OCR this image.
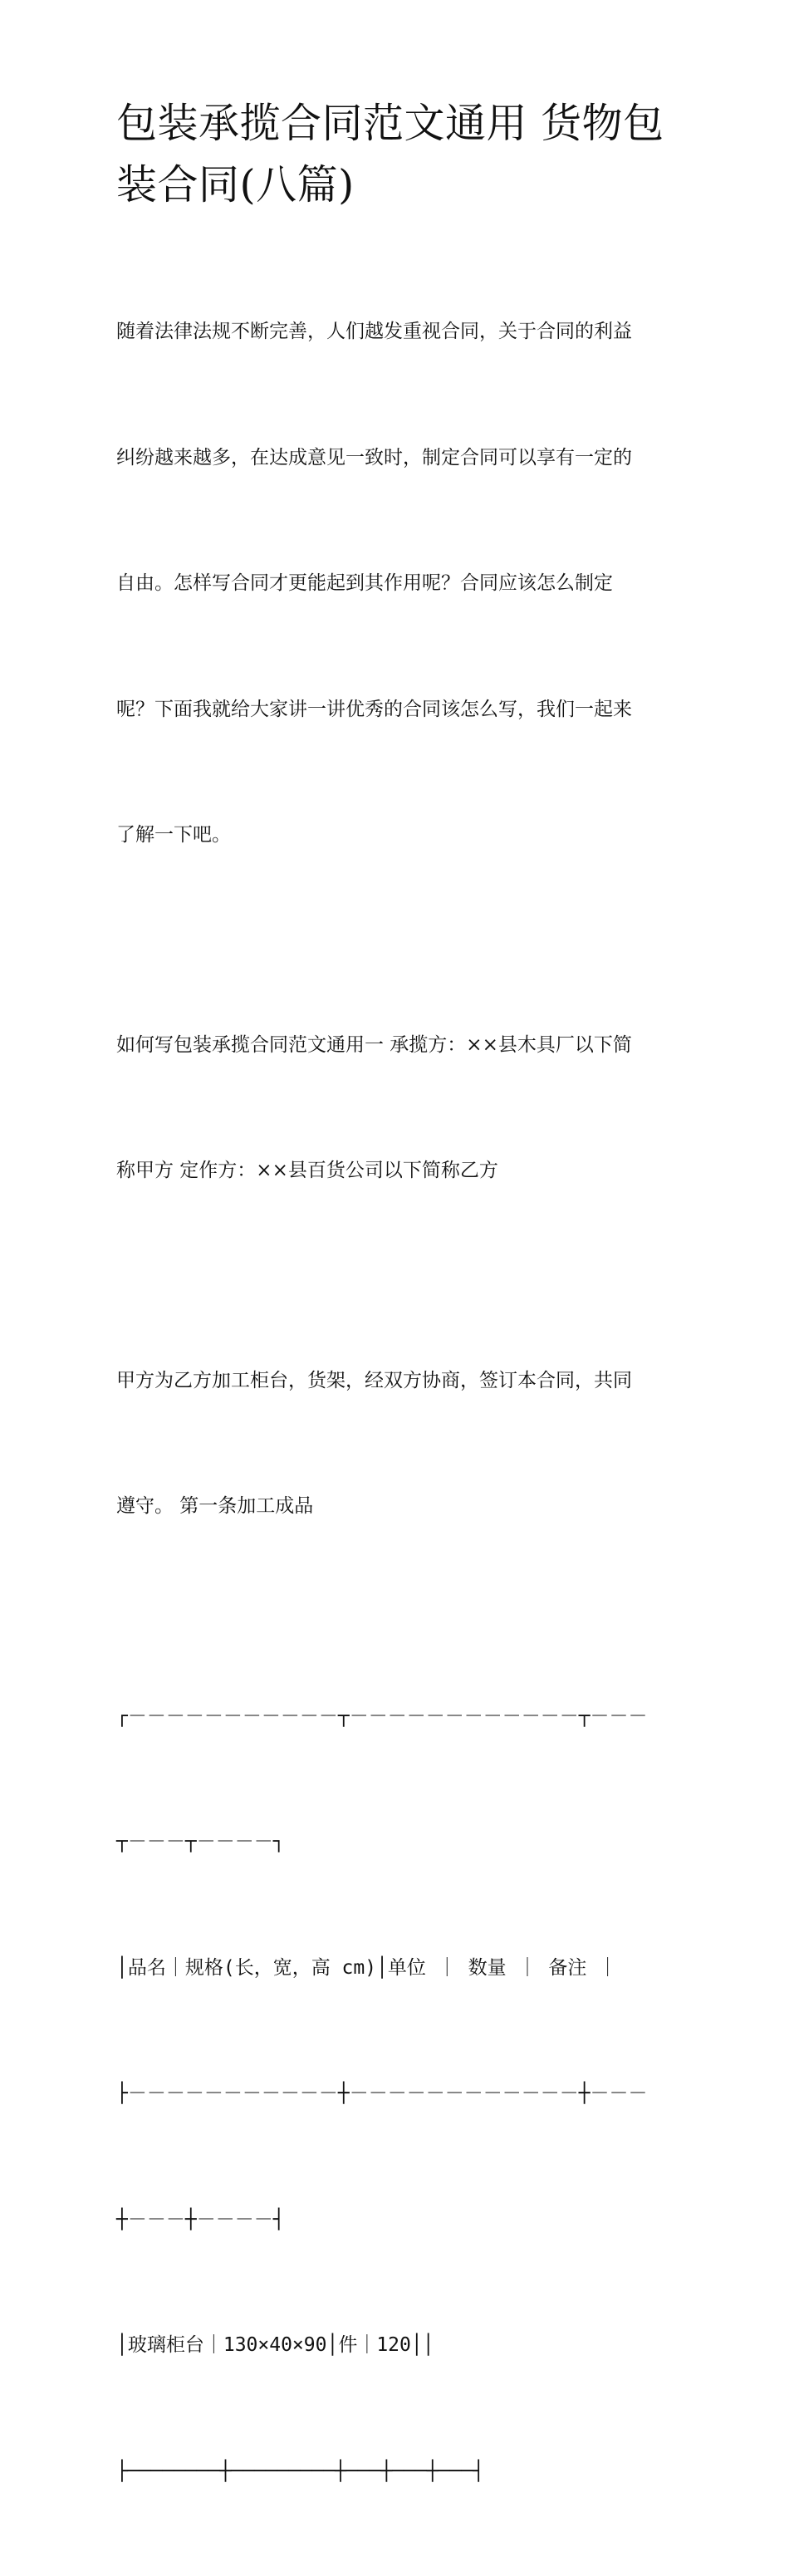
包装承揽合同范文通用 货物包
装合同(八篇)

随着法律法规不断完善，人们越发重视合同，关于合同的利益

纠纷越来越多，在达成意见一致时，制定合同可以享有一定的

自由。怎样写合同才更能起到其作用呢？合同应该怎么制定

呢？下面我就给大家讲一讲优秀的合同该怎么写，我们一起来

了解一下吧。

如何写包装承揽合同范文通用一 承揽方：××县木具厂以下简

称甲方 定作方：××县百货公司以下简称乙方

甲方为乙方加工柜台，货架，经双方协商，签订本合同，共同

遵守。 第一条加工成品

┌－－－－－－－－－－－┬－－－－－－－－－－－－┬－－－

┬－－－┬－－－－┐

│品名｜规格(长，宽，高 cm)│单位 ｜ 数量 ｜ 备注 ｜

├－－－－－－－－－－－┼－－－－－－－－－－－－┼－－－

┼－－－┼－－－－┤

│玻璃柜台｜130×40×90│件｜120││

├────────┼─────────┼───┼───┼───┤
